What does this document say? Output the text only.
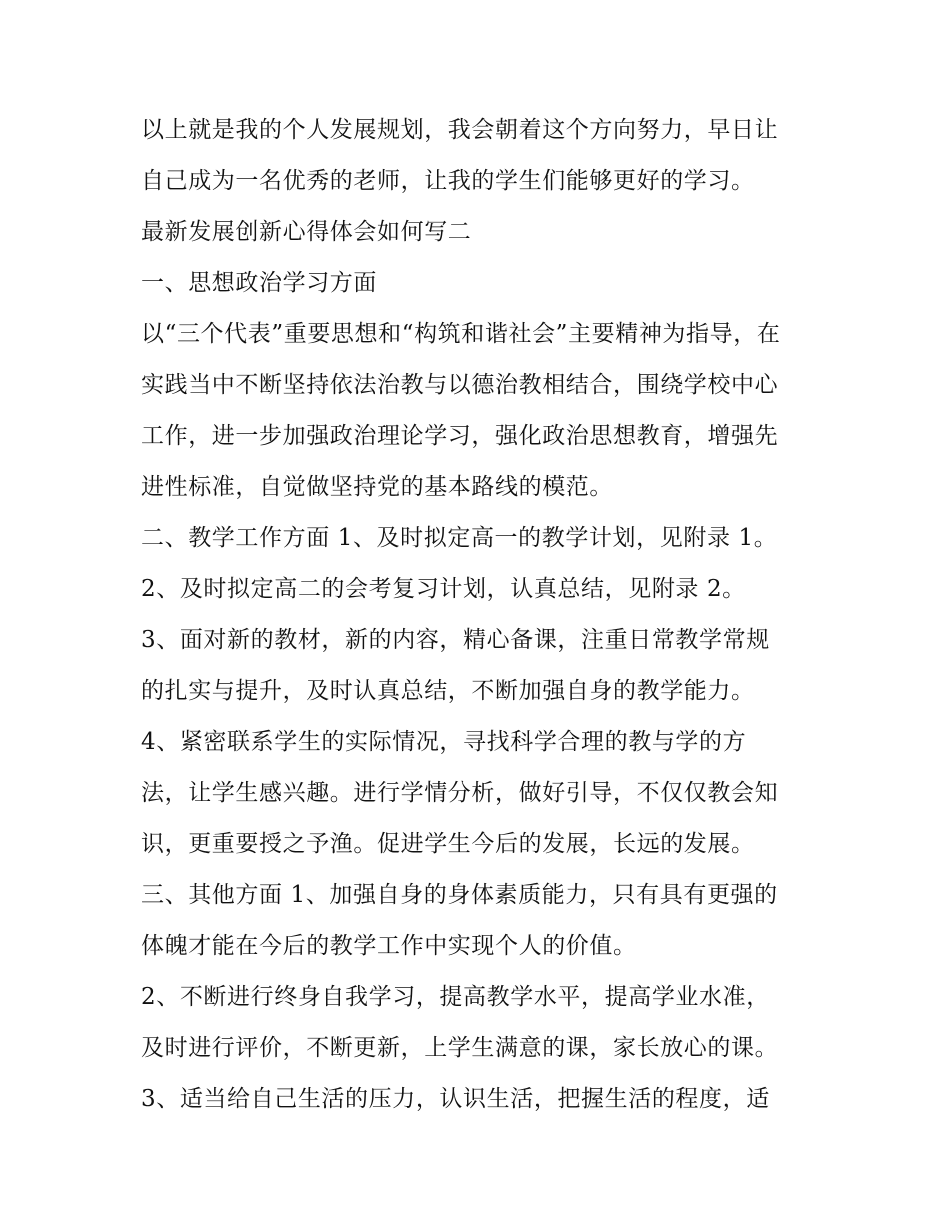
以上就是我的个人发展规划，我会朝着这个方向努力，早日让
自己成为一名优秀的老师，让我的学生们能够更好的学习。
最新发展创新心得体会如何写二
一、思想政治学习方面
以“三个代表”重要思想和“构筑和谐社会”主要精神为指导，在
实践当中不断坚持依法治教与以德治教相结合，围绕学校中心
工作，进一步加强政治理论学习，强化政治思想教育，增强先
进性标准，自觉做坚持党的基本路线的模范。
二、教学工作方面 1、及时拟定高一的教学计划，见附录 1。
2、及时拟定高二的会考复习计划，认真总结，见附录 2。
3、面对新的教材，新的内容，精心备课，注重日常教学常规
的扎实与提升，及时认真总结，不断加强自身的教学能力。
4、紧密联系学生的实际情况，寻找科学合理的教与学的方
法，让学生感兴趣。进行学情分析，做好引导，不仅仅教会知
识，更重要授之予渔。促进学生今后的发展，长远的发展。
三、其他方面 1、加强自身的身体素质能力，只有具有更强的
体魄才能在今后的教学工作中实现个人的价值。
2、不断进行终身自我学习，提高教学水平，提高学业水准，
及时进行评价，不断更新，上学生满意的课，家长放心的课。
3、适当给自己生活的压力，认识生活，把握生活的程度，适
